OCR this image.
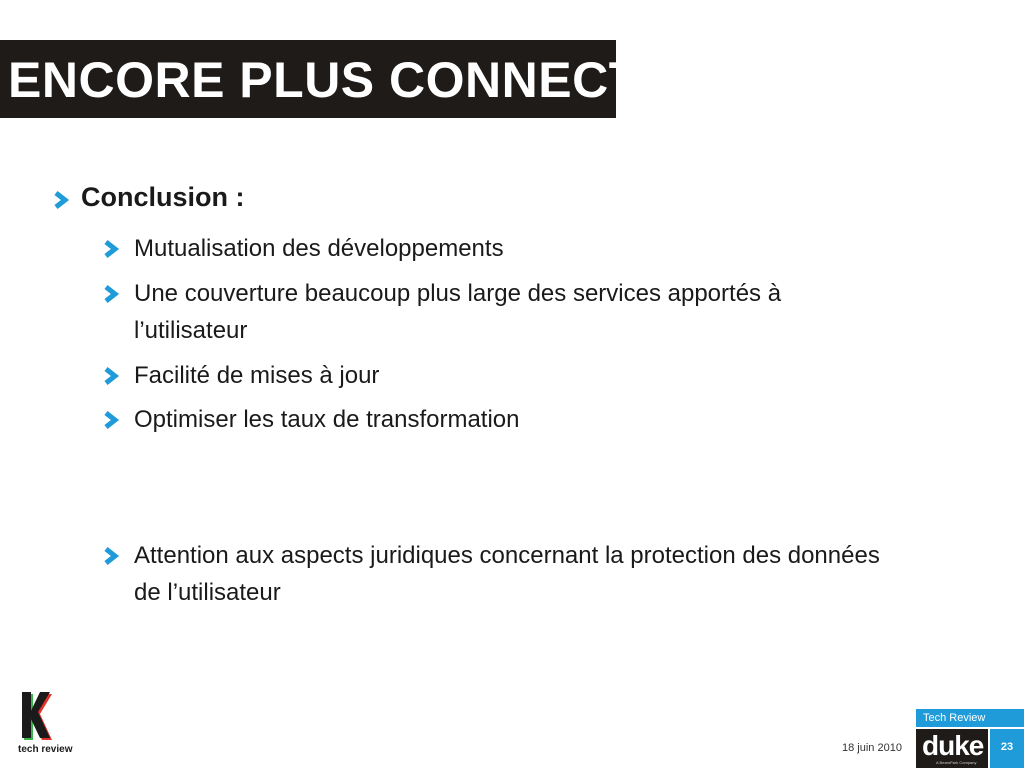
ENCORE PLUS CONNECTÉ
Conclusion :
Mutualisation des développements
Une couverture beaucoup plus large des services apportés à l’utilisateur
Facilité de mises à jour
Optimiser les taux de transformation
Attention aux aspects juridiques concernant la protection des données de l’utilisateur
tech review	18 juin 2010
Tech Review
duke
A BeamPark Company
23
